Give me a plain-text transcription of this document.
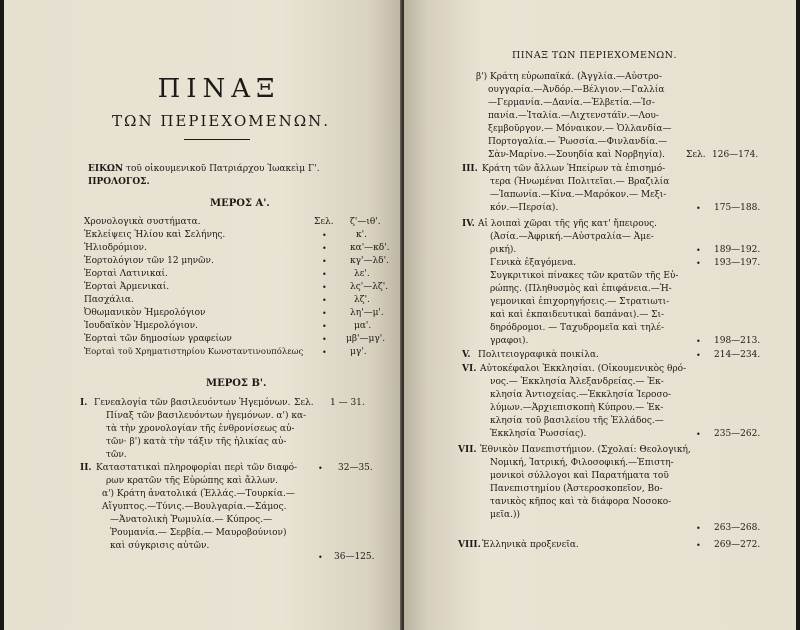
ΠΙΝΑΞ
ΤΩΝ ΠΕΡΙΕΧΟΜΕΝΩΝ.
ΕΙΚΩΝ τοῦ οἰκουμενικοῦ Πατριάρχου Ἰωακεὶμ Γ'.
ΠΡΟΛΟΓΟΣ.
ΜΕΡΟΣ Α'.
Χρονολογικὰ συστήματα.	Σελ. ζ'—ιθ'.
Ἐκλείψεις Ἡλίου καὶ Σελήνης.	•	κ'.
Ἡλιοδρόμιον.	•	κα'—κδ'.
Ἑορτολόγιον τῶν 12 μηνῶν.	•	κγ'—λδ'.
Ἑορταὶ Λατινικαί.	•	λε'.
Ἑορταὶ Ἀρμενικαί.	•	λς'—λζ'.
Πασχάλια.	•	λζ'.
Ὀθωμανικὸν Ἡμερολόγιον	•	λη'—μ'.
Ἰουδαϊκὸν Ἡμερολόγιον.	•	μα'.
Ἑορταὶ τῶν δημοσίων γραφείων	• μβ'—μγ'.
Ἑορταὶ τοῦ Χρηματιστηρίου Κωνσταντινουπόλεως •	μγ'.
ΜΕΡΟΣ Β'.
I. Γενεαλογία τῶν βασιλευόντων Ἡγεμόνων. Σελ. 1 — 31.
Πίναξ τῶν βασιλευόντων ἡγεμόνων. α') κα-
τὰ τὴν χρονολογίαν τῆς ἐνθρονίσεως αὐ-
τῶν· β') κατὰ τὴν τάξιν τῆς ἡλικίας αὐ-
τῶν.
II. Καταστατικαὶ πληροφορίαι περὶ τῶν διαφό-
ρων κρατῶν τῆς Εὐρώπης καὶ ἄλλων.
• 32—35.
α') Κράτη ἀνατολικά (Ἑλλάς.—Τουρκία.—
Αἴγυπτος.—Τύνις.—Βουλγαρία.—Σάμος.
—Ἀνατολικὴ Ῥωμυλία.— Κύπρος.—
Ῥουμανία.— Σερβία.— Μαυροβούνιον)
καὶ σύγκρισις αὐτῶν.
• 36—125.
ΠΙΝΑΞ ΤΩΝ ΠΕΡΙΕΧΟΜΕΝΩΝ.
β') Κράτη εὐρωπαϊκά. (Ἀγγλία.—Αὐστρο-
ουγγαρία.—Ἀνδόρ.—Βέλγιον.—Γαλλία
—Γερμανία.—Δανία.—Ἑλβετία.—Ἱσ-
πανία.—Ἰταλία.—Λιχτενστάϊν.—Λου-
ξεμβοῦργον.— Μόναικον.— Ὁλλανδία—
Πορτογαλία.— Ῥωσσία.—Φινλανδία.—
Σὰν-Μαρίνο.—Σουηδία καὶ Νορβηγία). Σελ. 126—174.
III. Κράτη τῶν ἄλλων Ἠπείρων τὰ ἐπισημό-
τερα (Ἡνωμέναι Πολιτεῖαι.— Βραζιλία
—Ἰαπωνία.—Κίνα.—Μαρόκον.— Μεξι-
κόν.—Περσία).	• 175—188.
IV. Αἱ λοιπαὶ χῶραι τῆς γῆς κατ' ἤπειρους.
(Ἀσία.—Ἀφρική.—Αὐστραλία— Ἀμε-
ρική).	• 189—192.
Γενικὰ ἐξαγόμενα.	• 193—197.
Συγκριτικοὶ πίνακες τῶν κρατῶν τῆς Εὐ-
ρώπης. (Πληθυσμὸς καὶ ἐπιφάνεια.—Ἡ-
γεμονικαὶ ἐπιχορηγήσεις.— Στρατιωτι-
καὶ καὶ ἐκπαιδευτικαὶ δαπάναι).— Σι-
δηρόδρομοι. — Ταχυδρομεῖα καὶ τηλέ-
γραφοι).	• 198—213.
V. Πολιτειογραφικὰ ποικίλα.	• 214—234.
VI. Αὐτοκέφαλοι Ἐκκλησίαι. (Οἰκουμενικὸς θρό-
νος.— Ἐκκλησία Ἀλεξανδρείας.— Ἐκ-
κλησία Ἀντιοχείας.—Ἐκκλησία Ἱεροσο-
λύμων.—Ἀρχιεπισκοπὴ Κύπρου.— Ἐκ-
κλησία τοῦ βασιλείου τῆς Ἑλλάδος.—
Ἐκκλησία Ῥωσσίας).	• 235—262.
VII. Ἐθνικὸν Πανεπιστήμιον. (Σχολαί: Θεολογική,
Νομική, Ἰατρική, Φιλοσοφική.—Ἐπιστη-
μονικοὶ σύλλογοι καὶ Παρατήματα τοῦ
Πανεπιστημίου (Ἀστεροσκοπεῖον, Βο-
τανικὸς κῆπος καὶ τὰ διάφορα Νοσοκο-
μεῖα.))
• 263—268.
VIII. Ἑλληνικὰ προξενεῖα.	• 269—272.
